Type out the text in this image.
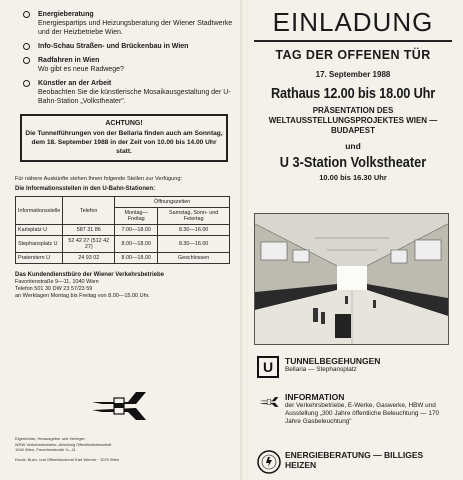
Energieberatung
Energiespartips und Heizungsberatung der Wiener Stadtwerke und der Heizbetriebe Wien.
Info-Schau Straßen- und Brückenbau in Wien
Radfahren in Wien
Wo gibt es neue Radwege?
Künstler an der Arbeit
Beobachten Sie die künstlerische Mosaikausgestaltung der U-Bahn-Station „Volkstheater".
ACHTUNG!
Die Tunnelführungen von der Bellaria finden auch am Sonntag, dem 18. September 1988 in der Zeit von 10.00 bis 14.00 Uhr statt.
Für nähere Auskünfte stehen Ihnen folgende Stellen zur Verfügung:
Die Informationsstellen in den U-Bahn-Stationen:
Informationsstelle	Telefon	Öffnungszeiten	
		Montag—Freitag	Samstag, Sonn- und Feiertag
Karlsplatz U	587 31 86	7.00—18.00	8.30—16.00
Stephansplatz U	52 42 27 (512 42 27)	8.00—18.00	8.30—16.00
Praterstern U	24 93 02	8.00—18.00	Geschlossen
Das Kundendienstbüro der Wiener Verkehrsbetriebe
Favoritenstraße 9—11, 1040 Wien
Telefon 501 30 DW 23 57/23 59
an Werktagen Montag bis Freitag von 8.00—15.00 Uhr.
Eigentümer, Herausgeber und Verleger:
WSW Verkehrsbetriebe, Abteilung Öffentlichkeitsarbeit
1040 Wien, Favoritenstraße 9—11
Druck: Buch- und Offsetdruckerei Karl Werner · 1070 Wien
EINLADUNG
TAG DER OFFENEN TÜR
17. September 1988
Rathaus 12.00 bis 18.00 Uhr
PRÄSENTATION DES WELTAUSSTELLUNGSPROJEKTES WIEN — BUDAPEST
und
U 3-Station Volkstheater
10.00 bis 16.30 Uhr
U TUNNELBEGEHUNGEN
Bellaria — Stephansplatz
INFORMATION
der Verkehrsbetriebe, E-Werke, Gaswerke, HBW und Ausstellung „300 Jahre öffentliche Beleuchtung — 170 Jahre Gasbeleuchtung"
ENERGIEBERATUNG — BILLIGES HEIZEN
